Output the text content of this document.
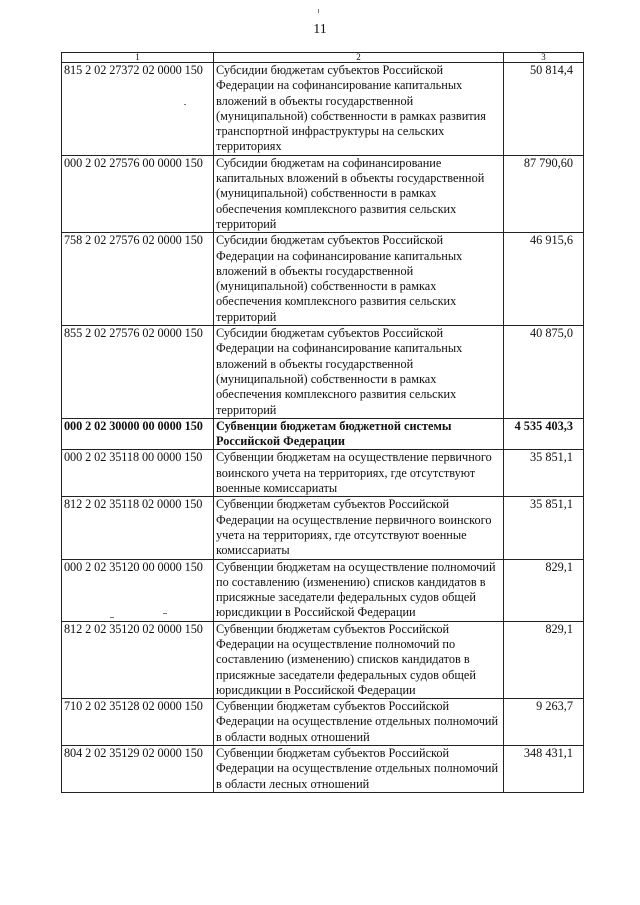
11
1	2	3
815 2 02 27372 02 0000 150	Субсидии бюджетам субъектов Российской Федерации на софинансирование капитальных вложений в объекты государственной (муниципальной) собственности в рамках развития транспортной инфраструктуры на сельских территориях	50 814,4
000 2 02 27576 00 0000 150	Субсидии бюджетам на софинансирование капитальных вложений в объекты государственной (муниципальной) собственности в рамках обеспечения комплексного развития сельских территорий	87 790,60
758 2 02 27576 02 0000 150	Субсидии бюджетам субъектов Российской Федерации на софинансирование капитальных вложений в объекты государственной (муниципальной) собственности в рамках обеспечения комплексного развития сельских территорий	46 915,6
855 2 02 27576 02 0000 150	Субсидии бюджетам субъектов Российской Федерации на софинансирование капитальных вложений в объекты государственной (муниципальной) собственности в рамках обеспечения комплексного развития сельских территорий	40 875,0
000 2 02 30000 00 0000 150	Субвенции бюджетам бюджетной системы Российской Федерации	4 535 403,3
000 2 02 35118 00 0000 150	Субвенции бюджетам на осуществление первичного воинского учета на территориях, где отсутствуют военные комиссариаты	35 851,1
812 2 02 35118 02 0000 150	Субвенции бюджетам субъектов Российской Федерации на осуществление первичного воинского учета на территориях, где отсутствуют военные комиссариаты	35 851,1
000 2 02 35120 00 0000 150	Субвенции бюджетам на осуществление полномочий по составлению (изменению) списков кандидатов в присяжные заседатели федеральных судов общей юрисдикции в Российской Федерации	829,1
812 2 02 35120 02 0000 150	Субвенции бюджетам субъектов Российской Федерации на осуществление полномочий по составлению (изменению) списков кандидатов в присяжные заседатели федеральных судов общей юрисдикции в Российской Федерации	829,1
710 2 02 35128 02 0000 150	Субвенции бюджетам субъектов Российской Федерации на осуществление отдельных полномочий в области водных отношений	9 263,7
804 2 02 35129 02 0000 150	Субвенции бюджетам субъектов Российской Федерации на осуществление отдельных полномочий в области лесных отношений	348 431,1
